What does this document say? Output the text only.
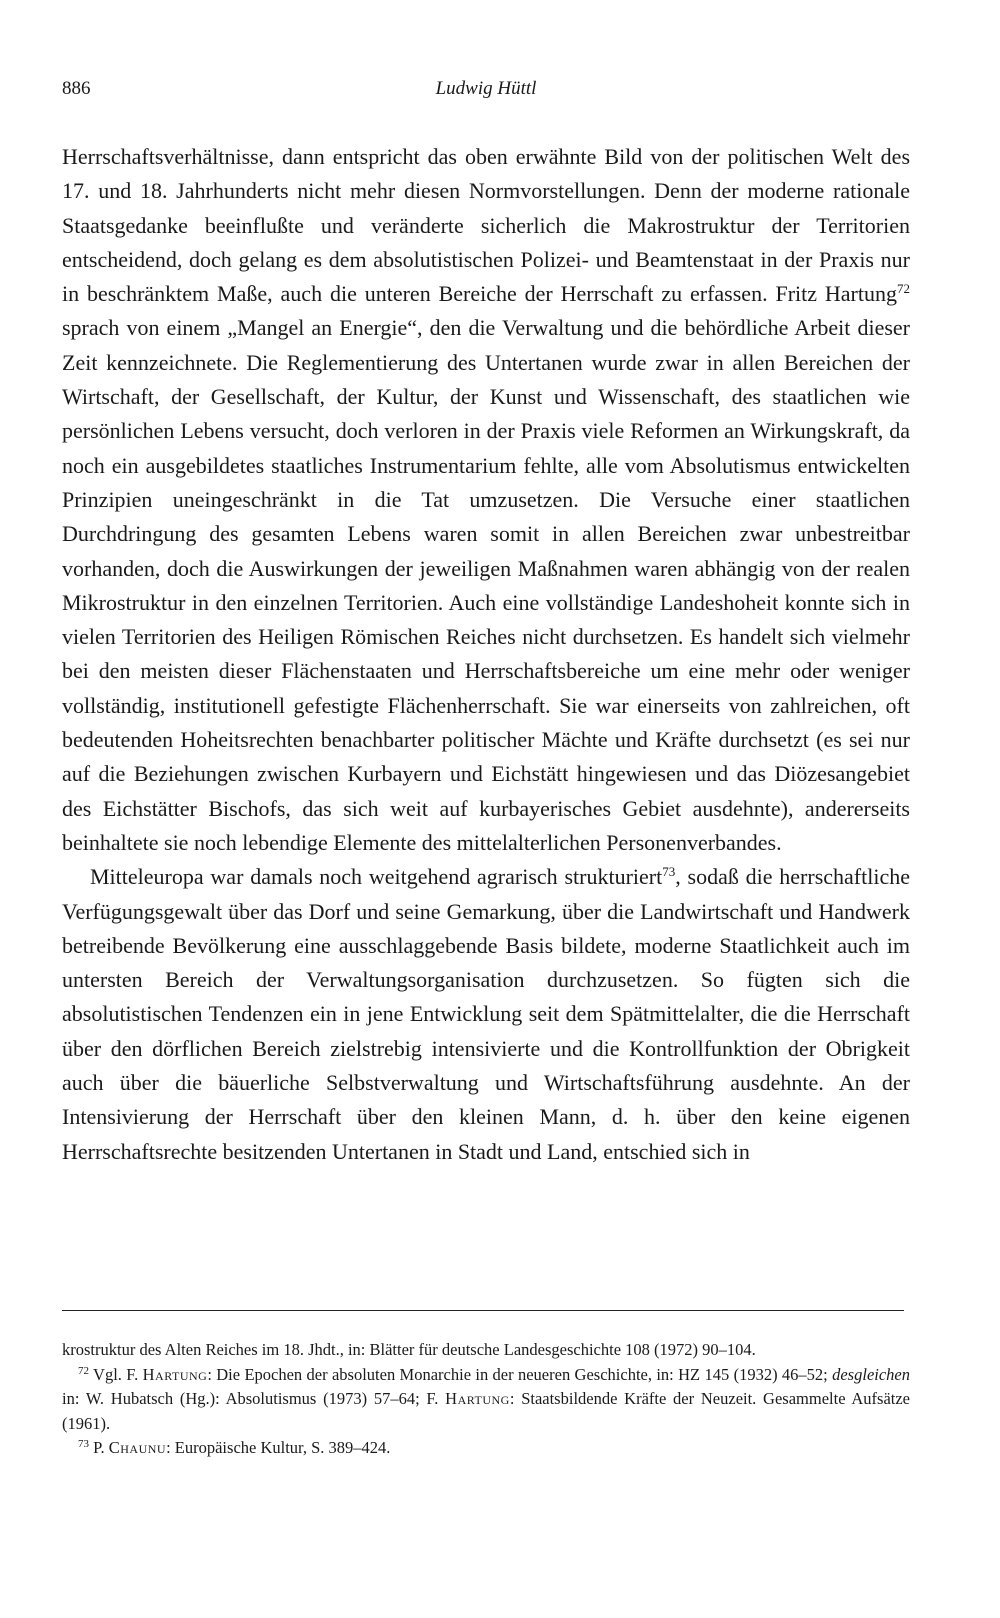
886	Ludwig Hüttl

Herrschaftsverhältnisse, dann entspricht das oben erwähnte Bild von der politischen Welt des 17. und 18. Jahrhunderts nicht mehr diesen Normvorstellungen. Denn der moderne rationale Staatsgedanke beeinflußte und veränderte sicherlich die Makrostruktur der Territorien entscheidend, doch gelang es dem absolutistischen Polizei- und Beamtenstaat in der Praxis nur in beschränktem Maße, auch die unteren Bereiche der Herrschaft zu erfassen. Fritz Hartung$^{72}$ sprach von einem „Mangel an Energie“, den die Verwaltung und die behördliche Arbeit dieser Zeit kennzeichnete. Die Reglementierung des Untertanen wurde zwar in allen Bereichen der Wirtschaft, der Gesellschaft, der Kultur, der Kunst und Wissenschaft, des staatlichen wie persönlichen Lebens versucht, doch verloren in der Praxis viele Reformen an Wirkungskraft, da noch ein ausgebildetes staatliches Instrumentarium fehlte, alle vom Absolutismus entwickelten Prinzipien uneingeschränkt in die Tat umzusetzen. Die Versuche einer staatlichen Durchdringung des gesamten Lebens waren somit in allen Bereichen zwar unbestreitbar vorhanden, doch die Auswirkungen der jeweiligen Maßnahmen waren abhängig von der realen Mikrostruktur in den einzelnen Territorien. Auch eine vollständige Landeshoheit konnte sich in vielen Territorien des Heiligen Römischen Reiches nicht durchsetzen. Es handelt sich vielmehr bei den meisten dieser Flächenstaaten und Herrschaftsbereiche um eine mehr oder weniger vollständig, institutionell gefestigte Flächenherrschaft. Sie war einerseits von zahlreichen, oft bedeutenden Hoheitsrechten benachbarter politischer Mächte und Kräfte durchsetzt (es sei nur auf die Beziehungen zwischen Kurbayern und Eichstätt hingewiesen und das Diözesangebiet des Eichstätter Bischofs, das sich weit auf kurbayerisches Gebiet ausdehnte), andererseits beinhaltete sie noch lebendige Elemente des mittelalterlichen Personenverbandes.

Mitteleuropa war damals noch weitgehend agrarisch strukturiert$^{73}$, sodaß die herrschaftliche Verfügungsgewalt über das Dorf und seine Gemarkung, über die Landwirtschaft und Handwerk betreibende Bevölkerung eine ausschlaggebende Basis bildete, moderne Staatlichkeit auch im untersten Bereich der Verwaltungsorganisation durchzusetzen. So fügten sich die absolutistischen Tendenzen ein in jene Entwicklung seit dem Spätmittelalter, die die Herrschaft über den dörflichen Bereich zielstrebig intensivierte und die Kontrollfunktion der Obrigkeit auch über die bäuerliche Selbstverwaltung und Wirtschaftsführung ausdehnte. An der Intensivierung der Herrschaft über den kleinen Mann, d. h. über den keine eigenen Herrschaftsrechte besitzenden Untertanen in Stadt und Land, entschied sich in

krostruktur des Alten Reiches im 18. Jhdt., in: Blätter für deutsche Landesgeschichte 108 (1972) 90–104.

$^{72}$ Vgl. F. Hartung: Die Epochen der absoluten Monarchie in der neueren Geschichte, in: HZ 145 (1932) 46–52; desgleichen in: W. Hubatsch (Hg.): Absolutismus (1973) 57–64; F. Hartung: Staatsbildende Kräfte der Neuzeit. Gesammelte Aufsätze (1961).

$^{73}$ P. Chaunu: Europäische Kultur, S. 389–424.
